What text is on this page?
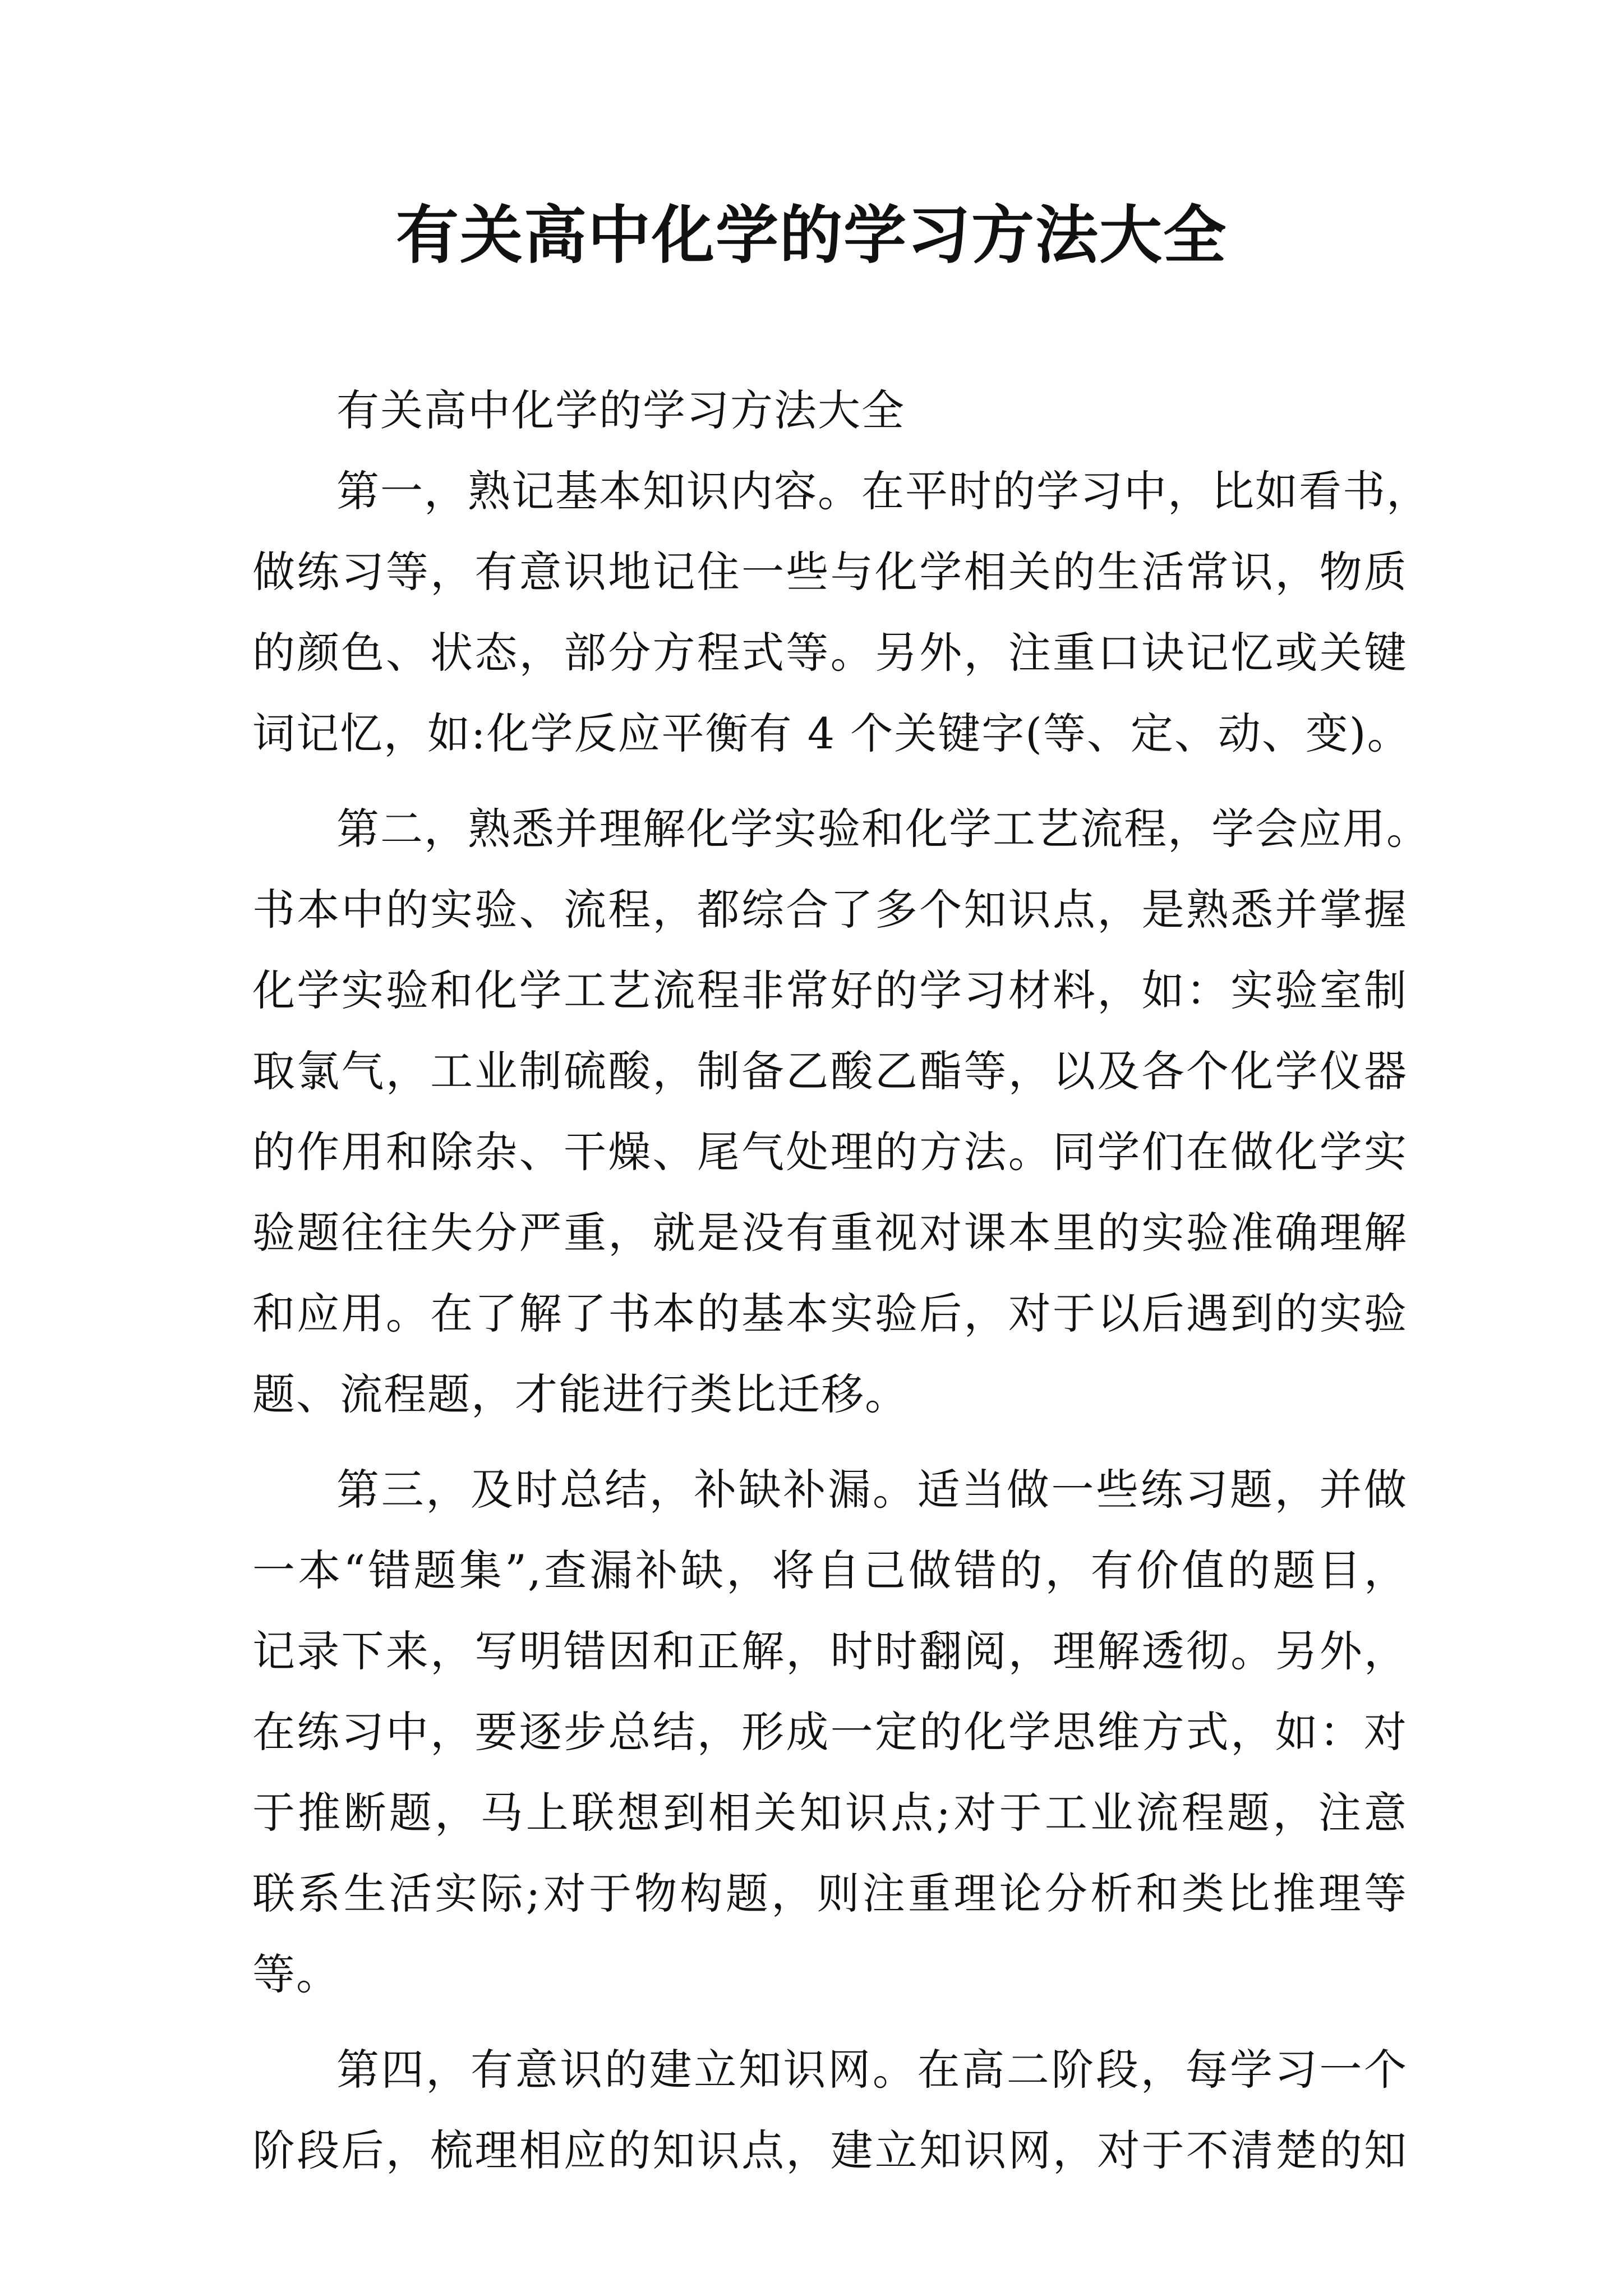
有关高中化学的学习方法大全
有关高中化学的学习方法大全
第一，熟记基本知识内容。在平时的学习中，比如看书，
做练习等，有意识地记住一些与化学相关的生活常识，物质
的颜色、状态，部分方程式等。另外，注重口诀记忆或关键
词记忆，如:化学反应平衡有 4 个关键字(等、定、动、变)。
第二，熟悉并理解化学实验和化学工艺流程，学会应用。
书本中的实验、流程，都综合了多个知识点，是熟悉并掌握
化学实验和化学工艺流程非常好的学习材料，如：实验室制
取氯气，工业制硫酸，制备乙酸乙酯等，以及各个化学仪器
的作用和除杂、干燥、尾气处理的方法。同学们在做化学实
验题往往失分严重，就是没有重视对课本里的实验准确理解
和应用。在了解了书本的基本实验后，对于以后遇到的实验
题、流程题，才能进行类比迁移。
第三，及时总结，补缺补漏。适当做一些练习题，并做
一本“错题集”,查漏补缺，将自己做错的，有价值的题目，
记录下来，写明错因和正解，时时翻阅，理解透彻。另外，
在练习中，要逐步总结，形成一定的化学思维方式，如：对
于推断题，马上联想到相关知识点;对于工业流程题，注意
联系生活实际;对于物构题，则注重理论分析和类比推理等
等。
第四，有意识的建立知识网。在高二阶段，每学习一个
阶段后，梳理相应的知识点，建立知识网，对于不清楚的知
